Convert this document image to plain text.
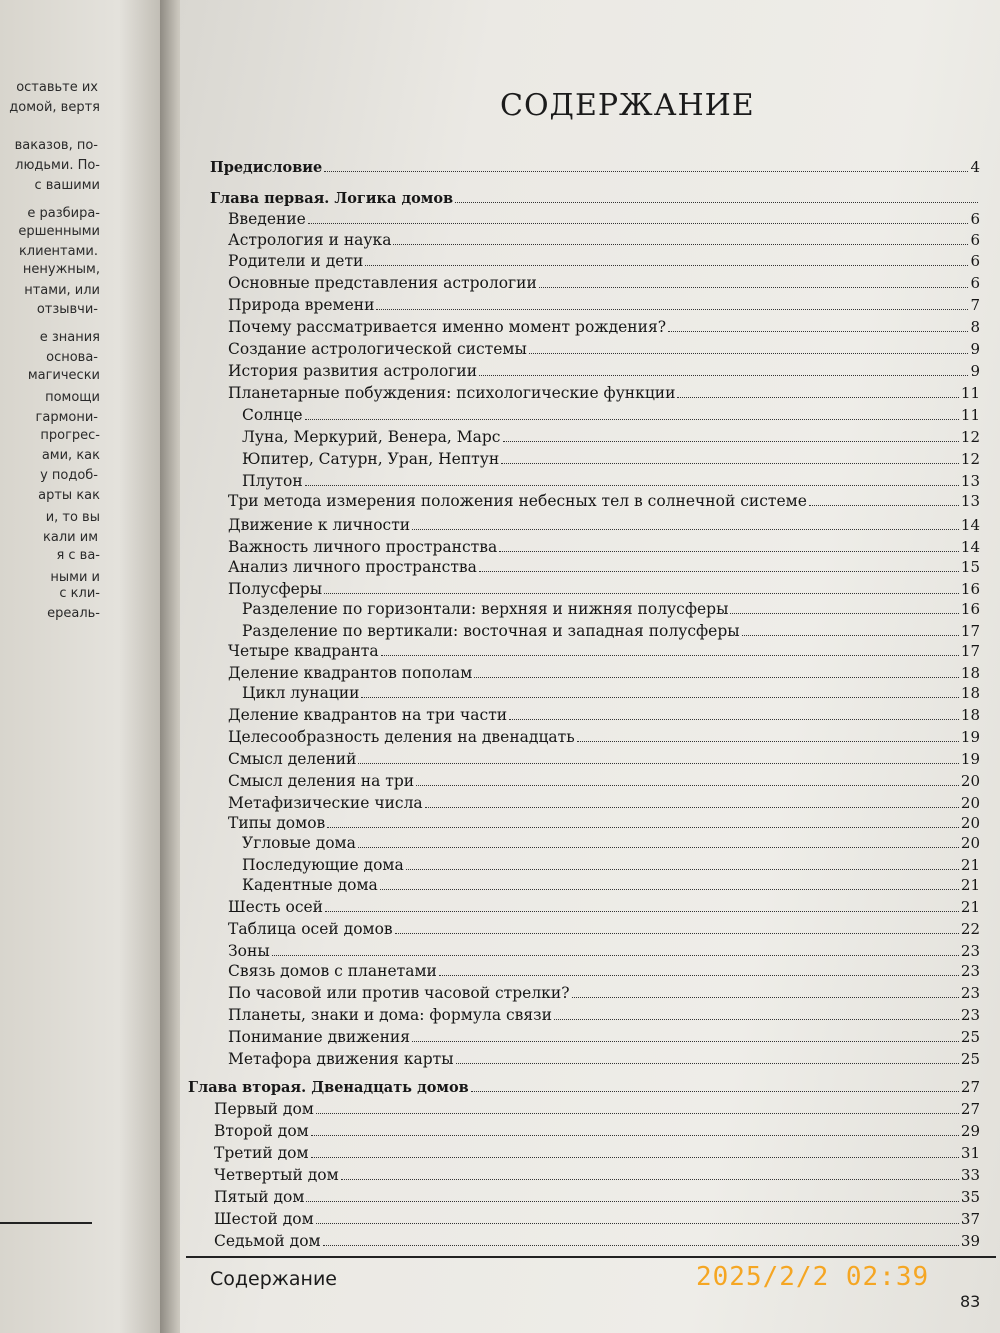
оставьте их
домой, вертя
ваказов, по-
людьми. По-
с вашими
е разбира-
ершенными
клиентами.
ненужным,
нтами, или
отзывчи-
е знания
основа-
магически
помощи
гармони-
прогрес-
ами, как
у подоб-
арты как
и, то вы
кали им
я с ва-
ными и
с кли-
ереаль-
СОДЕРЖАНИЕ
Предисловие	4
Глава первая. Логика домов
Введение	6
Астрология и наука	6
Родители и дети	6
Основные представления астрологии	6
Природа времени	7
Почему рассматривается именно момент рождения?	8
Создание астрологической системы	9
История развития астрологии	9
Планетарные побуждения: психологические функции	11
Солнце	11
Луна, Меркурий, Венера, Марс	12
Юпитер, Сатурн, Уран, Нептун	12
Плутон	13
Три метода измерения положения небесных тел в солнечной системе	13
Движение к личности	14
Важность личного пространства	14
Анализ личного пространства	15
Полусферы	16
Разделение по горизонтали: верхняя и нижняя полусферы	16
Разделение по вертикали: восточная и западная полусферы	17
Четыре квадранта	17
Деление квадрантов пополам	18
Цикл лунации	18
Деление квадрантов на три части	18
Целесообразность деления на двенадцать	19
Смысл делений	19
Смысл деления на три	20
Метафизические числа	20
Типы домов	20
Угловые дома	20
Последующие дома	21
Кадентные дома	21
Шесть осей	21
Таблица осей домов	22
Зоны	23
Связь домов с планетами	23
По часовой или против часовой стрелки?	23
Планеты, знаки и дома: формула связи	23
Понимание движения	25
Метафора движения карты	25
Глава вторая. Двенадцать домов	27
Первый дом	27
Второй дом	29
Третий дом	31
Четвертый дом	33
Пятый дом	35
Шестой дом	37
Седьмой дом	39
Содержание
83
2025/2/2 02:39
